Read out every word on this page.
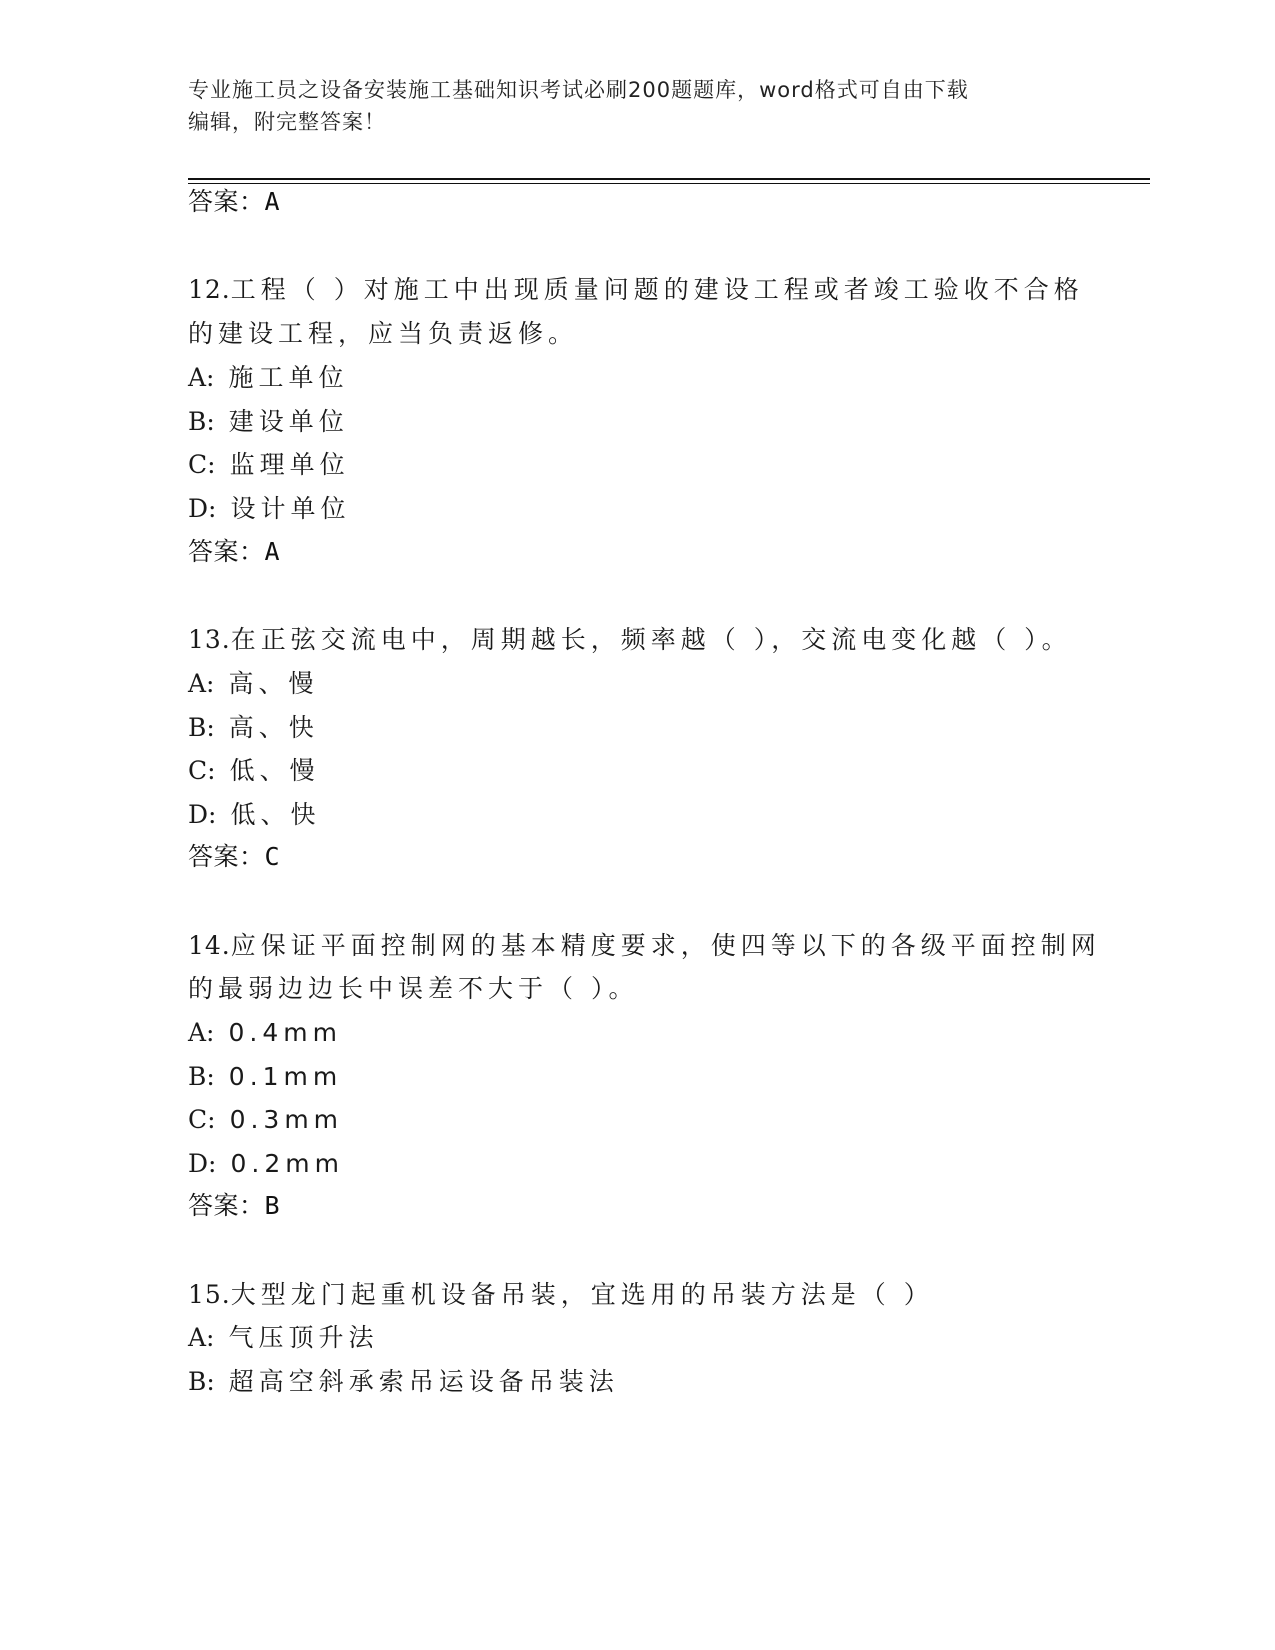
专业施工员之设备安装施工基础知识考试必刷200题题库，word格式可自由下载
编辑，附完整答案！
答案：A
12.工程（ ）对施工中出现质量问题的建设工程或者竣工验收不合格
的建设工程，应当负责返修。
A: 施工单位
B: 建设单位
C: 监理单位
D: 设计单位
答案：A
13.在正弦交流电中，周期越长，频率越（ ），交流电变化越（ ）。
A: 高、慢
B: 高、快
C: 低、慢
D: 低、快
答案：C
14.应保证平面控制网的基本精度要求，使四等以下的各级平面控制网
的最弱边边长中误差不大于（ ）。
A: 0.4mm
B: 0.1mm
C: 0.3mm
D: 0.2mm
答案：B
15.大型龙门起重机设备吊装，宜选用的吊装方法是（ ）
A: 气压顶升法
B: 超高空斜承索吊运设备吊装法
